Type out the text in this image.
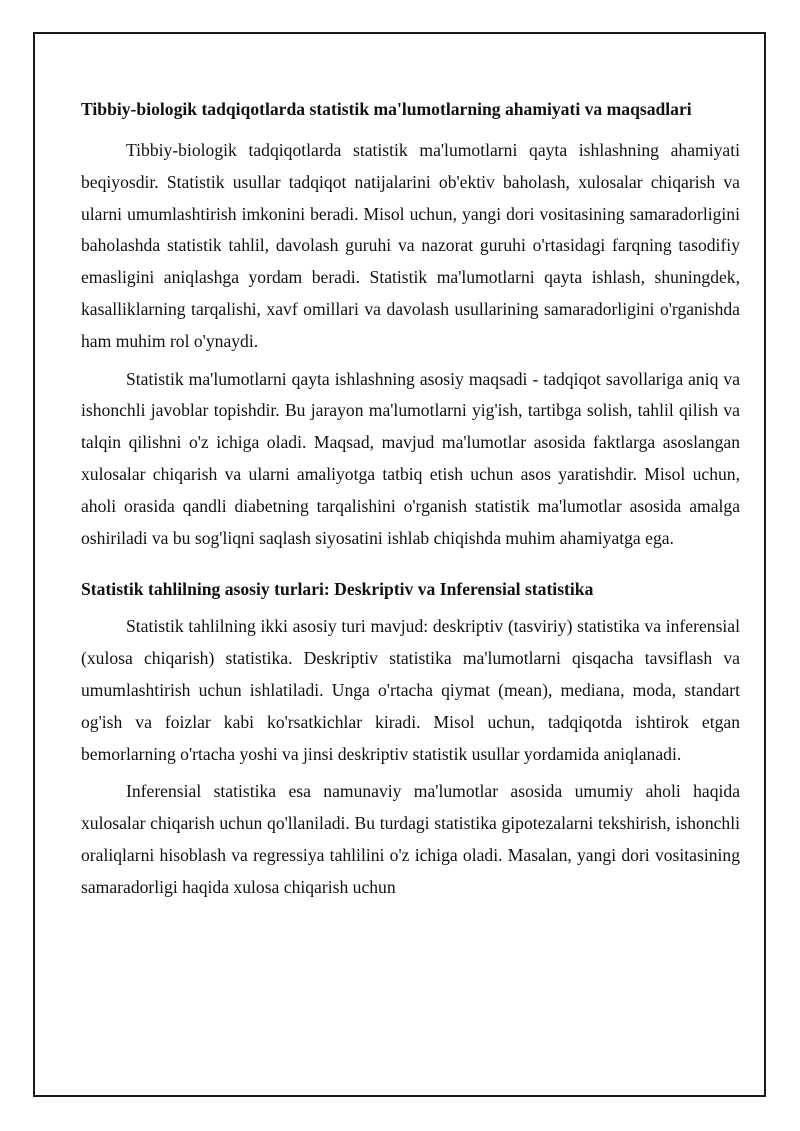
Tibbiy-biologik tadqiqotlarda statistik ma'lumotlarning ahamiyati va maqsadlari

Tibbiy-biologik tadqiqotlarda statistik ma'lumotlarni qayta ishlashning ahamiyati beqiyosdir. Statistik usullar tadqiqot natijalarini ob'ektiv baholash, xulosalar chiqarish va ularni umumlashtirish imkonini beradi. Misol uchun, yangi dori vositasining samaradorligini baholashda statistik tahlil, davolash guruhi va nazorat guruhi o'rtasidagi farqning tasodifiy emasligini aniqlashga yordam beradi. Statistik ma'lumotlarni qayta ishlash, shuningdek, kasalliklarning tarqalishi, xavf omillari va davolash usullarining samaradorligini o'rganishda ham muhim rol o'ynaydi.

Statistik ma'lumotlarni qayta ishlashning asosiy maqsadi - tadqiqot savollariga aniq va ishonchli javoblar topishdir. Bu jarayon ma'lumotlarni yig'ish, tartibga solish, tahlil qilish va talqin qilishni o'z ichiga oladi. Maqsad, mavjud ma'lumotlar asosida faktlarga asoslangan xulosalar chiqarish va ularni amaliyotga tatbiq etish uchun asos yaratishdir. Misol uchun, aholi orasida qandli diabetning tarqalishini o'rganish statistik ma'lumotlar asosida amalga oshiriladi va bu sog'liqni saqlash siyosatini ishlab chiqishda muhim ahamiyatga ega.

Statistik tahlilning asosiy turlari: Deskriptiv va Inferensial statistika

Statistik tahlilning ikki asosiy turi mavjud: deskriptiv (tasviriy) statistika va inferensial (xulosa chiqarish) statistika. Deskriptiv statistika ma'lumotlarni qisqacha tavsiflash va umumlashtirish uchun ishlatiladi. Unga o'rtacha qiymat (mean), mediana, moda, standart og'ish va foizlar kabi ko'rsatkichlar kiradi. Misol uchun, tadqiqotda ishtirok etgan bemorlarning o'rtacha yoshi va jinsi deskriptiv statistik usullar yordamida aniqlanadi.

Inferensial statistika esa namunaviy ma'lumotlar asosida umumiy aholi haqida xulosalar chiqarish uchun qo'llaniladi. Bu turdagi statistika gipotezalarni tekshirish, ishonchli oraliqlarni hisoblash va regressiya tahlilini o'z ichiga oladi. Masalan, yangi dori vositasining samaradorligi haqida xulosa chiqarish uchun
